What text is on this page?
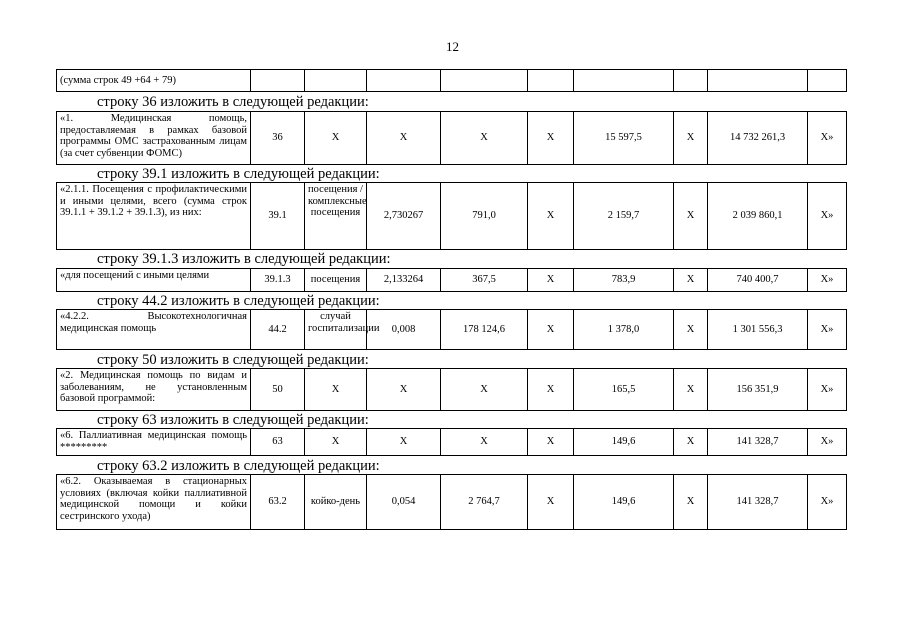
12
(сумма строк 49 +64 + 79)									
строку 36 изложить в следующей редакции:
«1. Медицинская помощь, предоставляемая в рамках базовой программы ОМС застрахованным лицам (за счет субвенции ФОМС)	36	Х	Х	Х	Х	15 597,5	Х	14 732 261,3	Х»
строку 39.1 изложить в следующей редакции:
«2.1.1. Посещения с профилактическими и иными целями, всего (сумма строк 39.1.1 + 39.1.2 + 39.1.3), из них:	39.1	посещения / комплексные посещения	2,730267	791,0	Х	2 159,7	Х	2 039 860,1	Х»
строку 39.1.3 изложить в следующей редакции:
«для посещений с иными целями	39.1.3	посещения	2,133264	367,5	Х	783,9	Х	740 400,7	Х»
строку 44.2 изложить в следующей редакции:
«4.2.2. Высокотехнологичная медицинская помощь	44.2	случай госпитализации	0,008	178 124,6	Х	1 378,0	Х	1 301 556,3	Х»
строку 50 изложить в следующей редакции:
«2. Медицинская помощь по видам и заболеваниям, не установленным базовой программой:	50	Х	Х	Х	Х	165,5	Х	156 351,9	Х»
строку 63 изложить в следующей редакции:
«6. Паллиативная медицинская помощь *********	63	Х	Х	Х	Х	149,6	Х	141 328,7	Х»
строку 63.2 изложить в следующей редакции:
«6.2. Оказываемая в стационарных условиях (включая койки паллиативной медицинской помощи и койки сестринского ухода)	63.2	койко-день	0,054	2 764,7	Х	149,6	Х	141 328,7	Х»
